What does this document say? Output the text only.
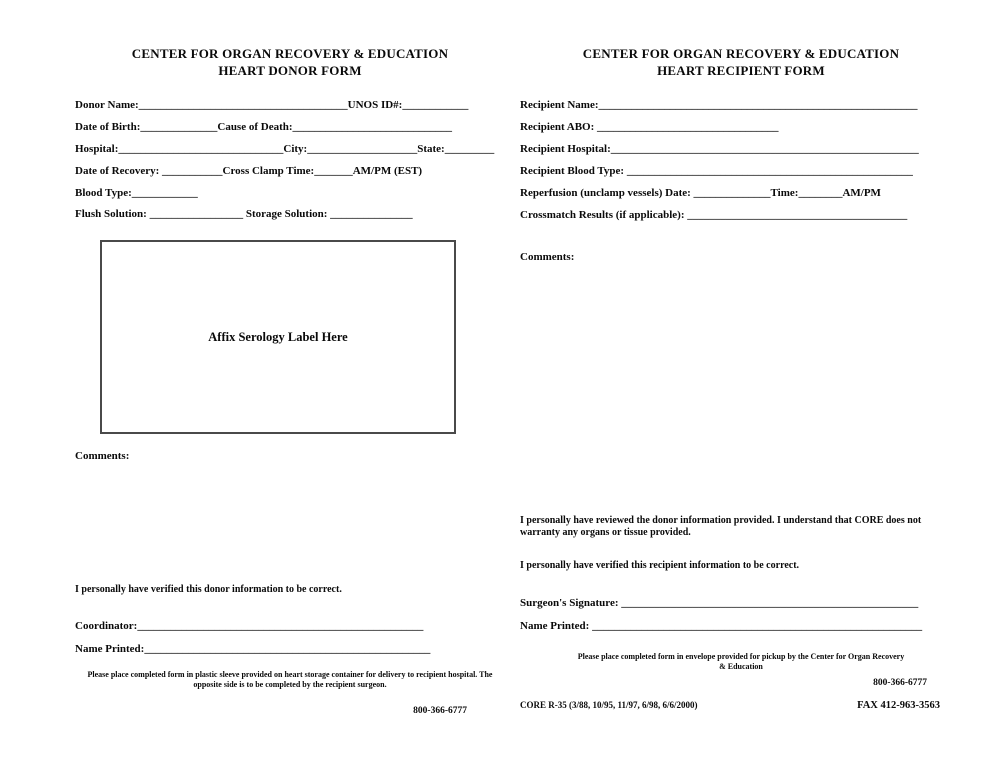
CENTER FOR ORGAN RECOVERY & EDUCATION
HEART DONOR FORM
Donor Name:______________________________________UNOS ID#:____________
Date of Birth:______________Cause of Death:_____________________________
Hospital:______________________________City:____________________State:_________
Date of Recovery: ___________Cross Clamp Time:_______AM/PM (EST)
Blood Type:____________
Flush Solution: _________________ Storage Solution: _______________
Affix Serology Label Here
Comments:
I personally have verified this donor information to be correct.
Coordinator:____________________________________________________
Name Printed:____________________________________________________
Please place completed form in plastic sleeve provided on heart storage container for delivery to recipient hospital. The opposite side is to be completed by the recipient surgeon.
800-366-6777
CENTER FOR ORGAN RECOVERY & EDUCATION
HEART RECIPIENT FORM
Recipient Name:__________________________________________________________
Recipient ABO: _________________________________
Recipient Hospital:________________________________________________________
Recipient Blood Type: ____________________________________________________
Reperfusion (unclamp vessels) Date: ______________Time:________AM/PM
Crossmatch Results (if applicable): ________________________________________
Comments:
I personally have reviewed the donor information provided. I understand that CORE does not warranty any organs or tissue provided.
I personally have verified this recipient information to be correct.
Surgeon's Signature: ______________________________________________________
Name Printed: ____________________________________________________________
Please place completed form in envelope provided for pickup by the Center for Organ Recovery & Education
800-366-6777
CORE R-35 (3/88, 10/95, 11/97, 6/98, 6/6/2000)	FAX 412-963-3563
